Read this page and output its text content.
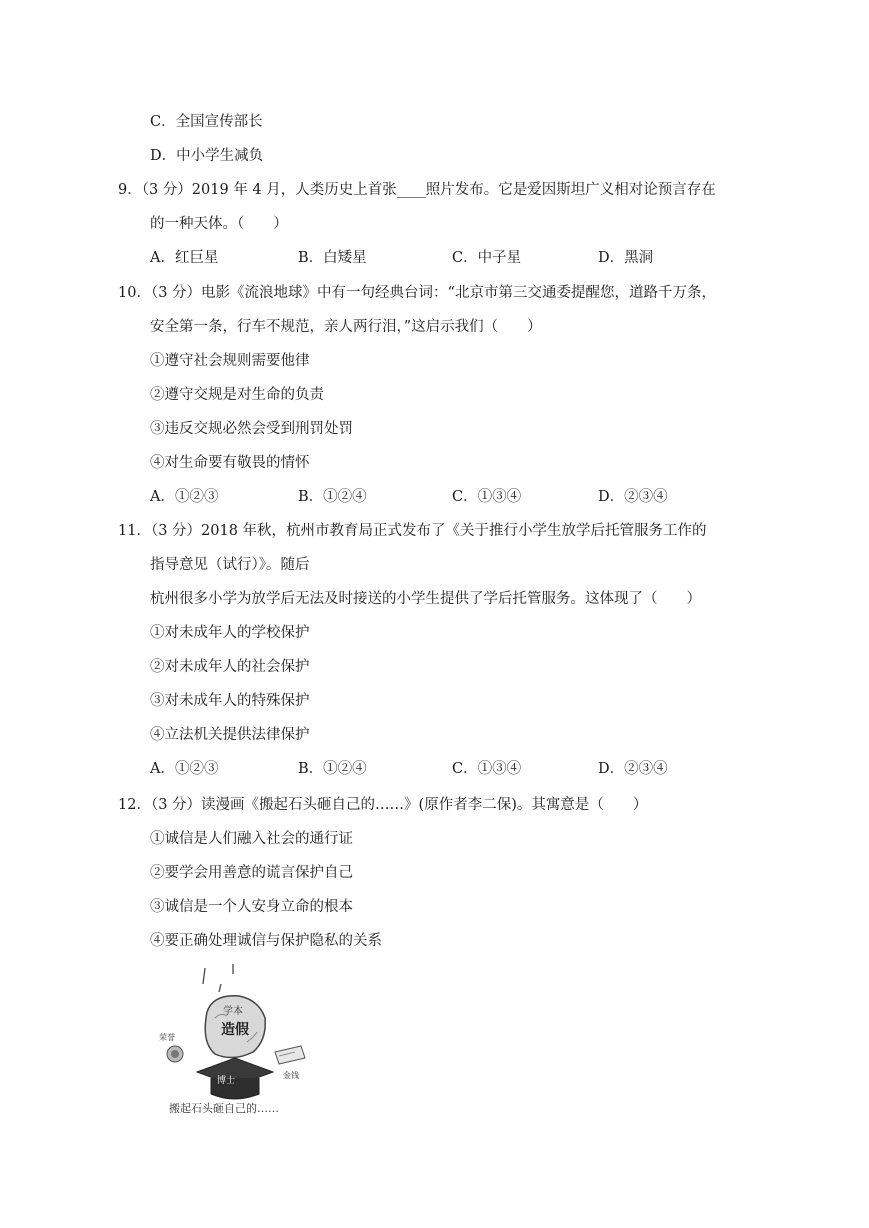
C．全国宣传部长
D．中小学生减负
9．（3 分）2019 年 4 月，人类历史上首张____照片发布。它是爱因斯坦广义相对论预言存在
的一种天体。（　　）
A．红巨星	B．白矮星	C．中子星	D．黑洞
10．（3 分）电影《流浪地球》中有一句经典台词：“北京市第三交通委提醒您，道路千万条，
安全第一条，行车不规范，亲人两行泪，”这启示我们（　　）
①遵守社会规则需要他律
②遵守交规是对生命的负责
③违反交规必然会受到刑罚处罚
④对生命要有敬畏的情怀
A．①②③	B．①②④	C．①③④	D．②③④
11．（3 分）2018 年秋，杭州市教育局正式发布了《关于推行小学生放学后托管服务工作的
指导意见（试行）》。随后
杭州很多小学为放学后无法及时接送的小学生提供了学后托管服务。这体现了（　　）
①对未成年人的学校保护
②对未成年人的社会保护
③对未成年人的特殊保护
④立法机关提供法律保护
A．①②③	B．①②④	C．①③④	D．②③④
12．（3 分）读漫画《搬起石头砸自己的……》(原作者李二保)。其寓意是（　　）
①诚信是人们融入社会的通行证
②要学会用善意的谎言保护自己
③诚信是一个人安身立命的根本
④要正确处理诚信与保护隐私的关系
学本
造假
博士
荣誉
金钱
搬起石头砸自己的……
